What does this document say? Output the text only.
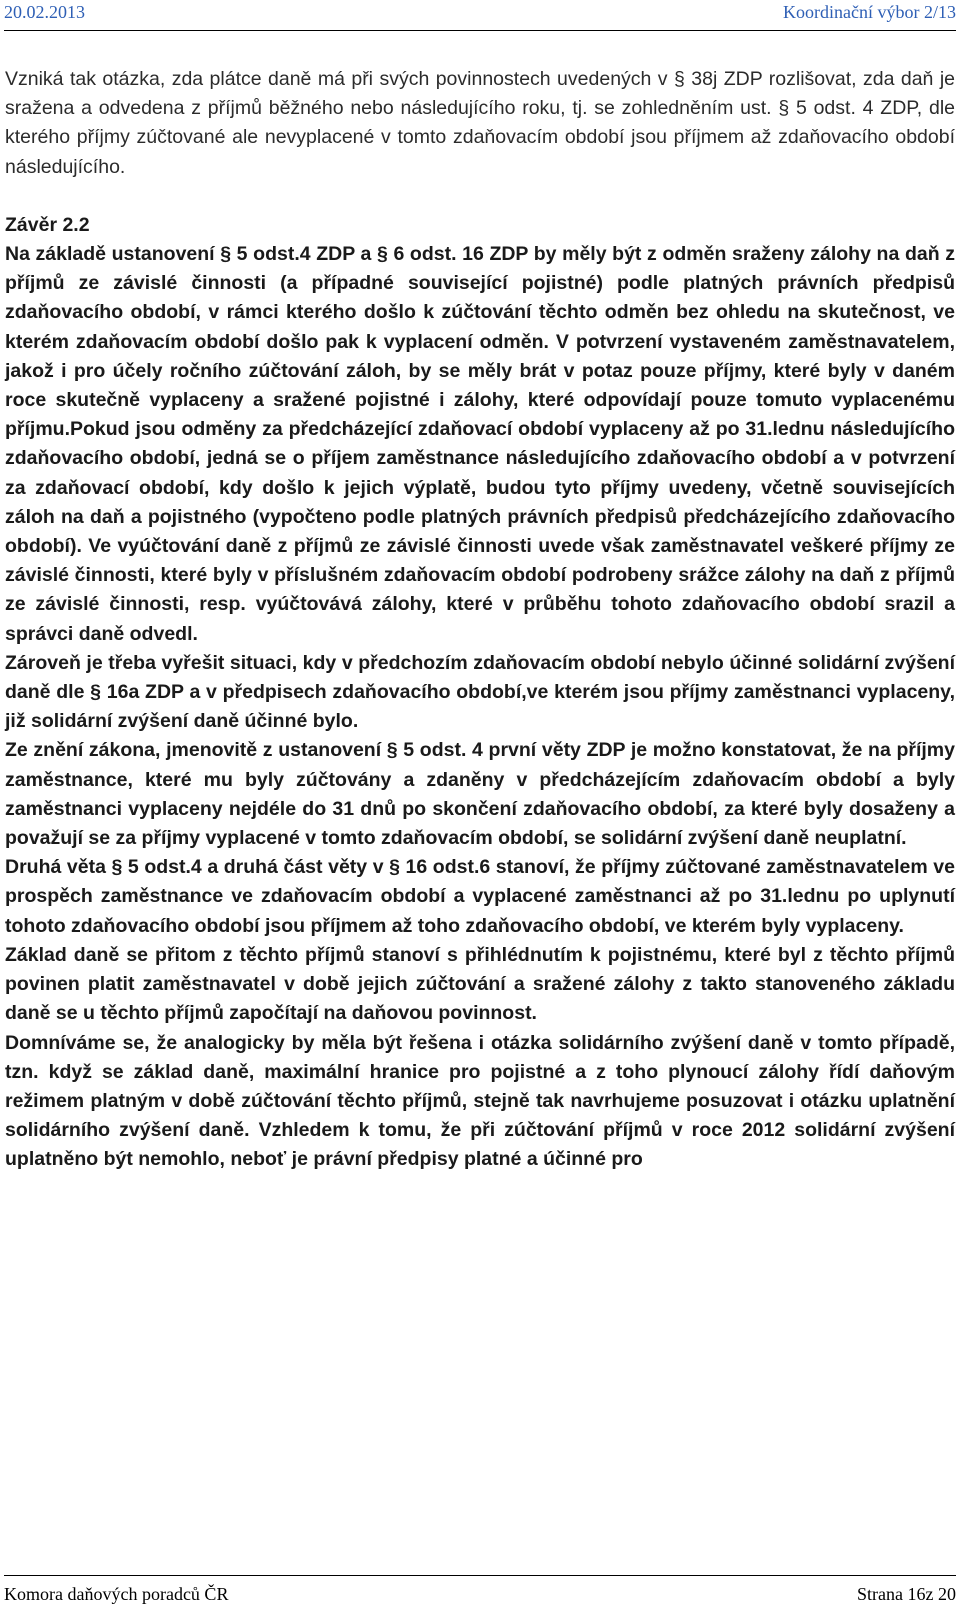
20.02.2013	Koordinační výbor 2/13

Vzniká tak otázka, zda plátce daně má při svých povinnostech uvedených v § 38j ZDP rozlišovat, zda daň je sražena a odvedena z příjmů běžného nebo následujícího roku, tj. se zohledněním ust. § 5 odst. 4 ZDP, dle kterého příjmy zúčtované ale nevyplacené v tomto zdaňovacím období jsou příjmem až zdaňovacího období následujícího.

Závěr 2.2

Na základě ustanovení § 5 odst.4 ZDP a § 6 odst. 16 ZDP by měly být z odměn sraženy zálohy na daň z příjmů ze závislé činnosti (a případné související pojistné) podle platných právních předpisů zdaňovacího období, v rámci kterého došlo k zúčtování těchto odměn bez ohledu na skutečnost, ve kterém zdaňovacím období došlo pak k vyplacení odměn. V potvrzení vystaveném zaměstnavatelem, jakož i pro účely ročního zúčtování záloh, by se měly brát v potaz pouze příjmy, které byly v daném roce skutečně vyplaceny a sražené pojistné i zálohy, které odpovídají pouze tomuto vyplacenému příjmu.Pokud jsou odměny za předcházející zdaňovací období vyplaceny až po 31.lednu následujícího zdaňovacího období, jedná se o příjem zaměstnance následujícího zdaňovacího období a v potvrzení za zdaňovací období, kdy došlo k jejich výplatě, budou tyto příjmy uvedeny, včetně souvisejících záloh na daň a pojistného (vypočteno podle platných právních předpisů předcházejícího zdaňovacího období). Ve vyúčtování daně z příjmů ze závislé činnosti uvede však zaměstnavatel veškeré příjmy ze závislé činnosti, které byly v příslušném zdaňovacím období podrobeny srážce zálohy na daň z příjmů ze závislé činnosti, resp. vyúčtovává zálohy, které v průběhu tohoto zdaňovacího období srazil a správci daně odvedl.

Zároveň je třeba vyřešit situaci, kdy v předchozím zdaňovacím období nebylo účinné solidární zvýšení daně dle § 16a ZDP a v předpisech zdaňovacího období,ve kterém jsou příjmy zaměstnanci vyplaceny, již solidární zvýšení daně účinné bylo.

Ze znění zákona, jmenovitě z ustanovení § 5 odst. 4 první věty ZDP je možno konstatovat, že na příjmy zaměstnance, které mu byly zúčtovány a zdaněny v předcházejícím zdaňovacím období a byly zaměstnanci vyplaceny nejdéle do 31 dnů po skončení zdaňovacího období, za které byly dosaženy a považují se za příjmy vyplacené v tomto zdaňovacím období, se solidární zvýšení daně neuplatní.

Druhá věta § 5 odst.4 a druhá část věty v § 16 odst.6 stanoví, že příjmy zúčtované zaměstnavatelem ve prospěch zaměstnance ve zdaňovacím období a vyplacené zaměstnanci až po 31.lednu po uplynutí tohoto zdaňovacího období jsou příjmem až toho zdaňovacího období, ve kterém byly vyplaceny.

Základ daně se přitom z těchto příjmů stanoví s přihlédnutím k pojistnému, které byl z těchto příjmů povinen platit zaměstnavatel v době jejich zúčtování a sražené zálohy z takto stanoveného základu daně se u těchto příjmů započítají na daňovou povinnost.

Domníváme se, že analogicky by měla být řešena i otázka solidárního zvýšení daně v tomto případě, tzn. když se základ daně, maximální hranice pro pojistné a z toho plynoucí zálohy řídí daňovým režimem platným v době zúčtování těchto příjmů, stejně tak navrhujeme posuzovat i otázku uplatnění solidárního zvýšení daně. Vzhledem k tomu, že při zúčtování příjmů v roce 2012 solidární zvýšení uplatněno být nemohlo, neboť je právní předpisy platné a účinné pro

Komora daňových poradců ČR	Strana 16z 20
